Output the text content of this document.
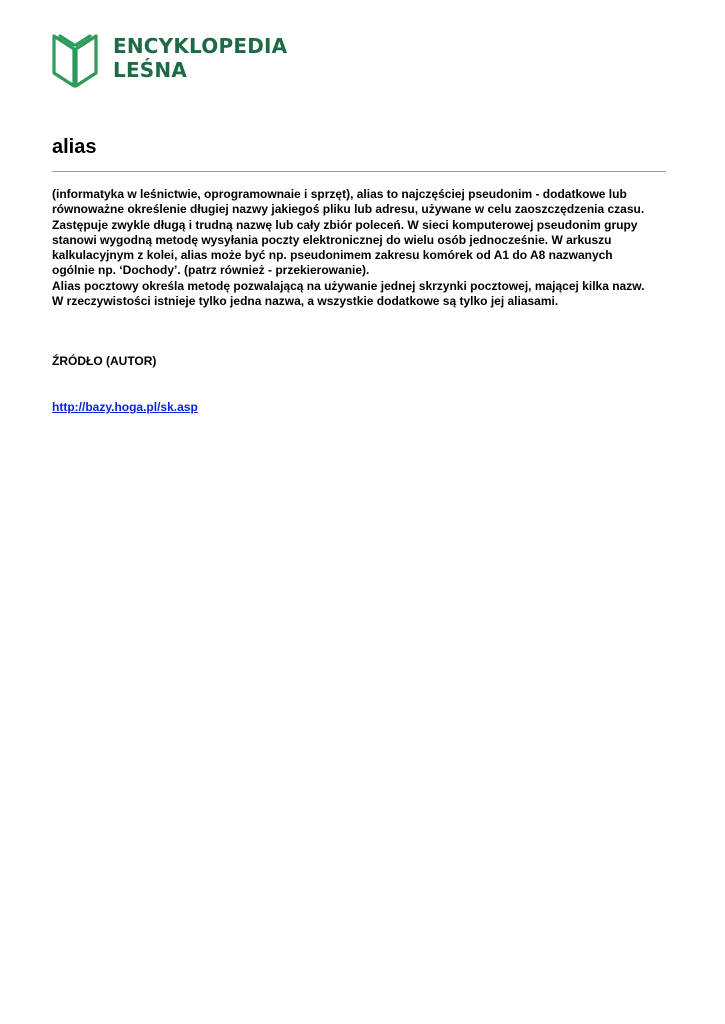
ENCYKLOPEDIA
LEŚNA
alias
(informatyka w leśnictwie, oprogramownaie i sprzęt), alias to najczęściej pseudonim - dodatkowe lub
równoważne określenie długiej nazwy jakiegoś pliku lub adresu, używane w celu zaoszczędzenia czasu.
Zastępuje zwykle długą i trudną nazwę lub cały zbiór poleceń. W sieci komputerowej pseudonim grupy
stanowi wygodną metodę wysyłania poczty elektronicznej do wielu osób jednocześnie. W arkuszu
kalkulacyjnym z kolei, alias może być np. pseudonimem zakresu komórek od A1 do A8 nazwanych
ogólnie np. ‘Dochody’. (patrz również - przekierowanie).
Alias pocztowy określa metodę pozwalającą na używanie jednej skrzynki pocztowej, mającej kilka nazw.
W rzeczywistości istnieje tylko jedna nazwa, a wszystkie dodatkowe są tylko jej aliasami.
ŹRÓDŁO (AUTOR)
http://bazy.hoga.pl/sk.asp
